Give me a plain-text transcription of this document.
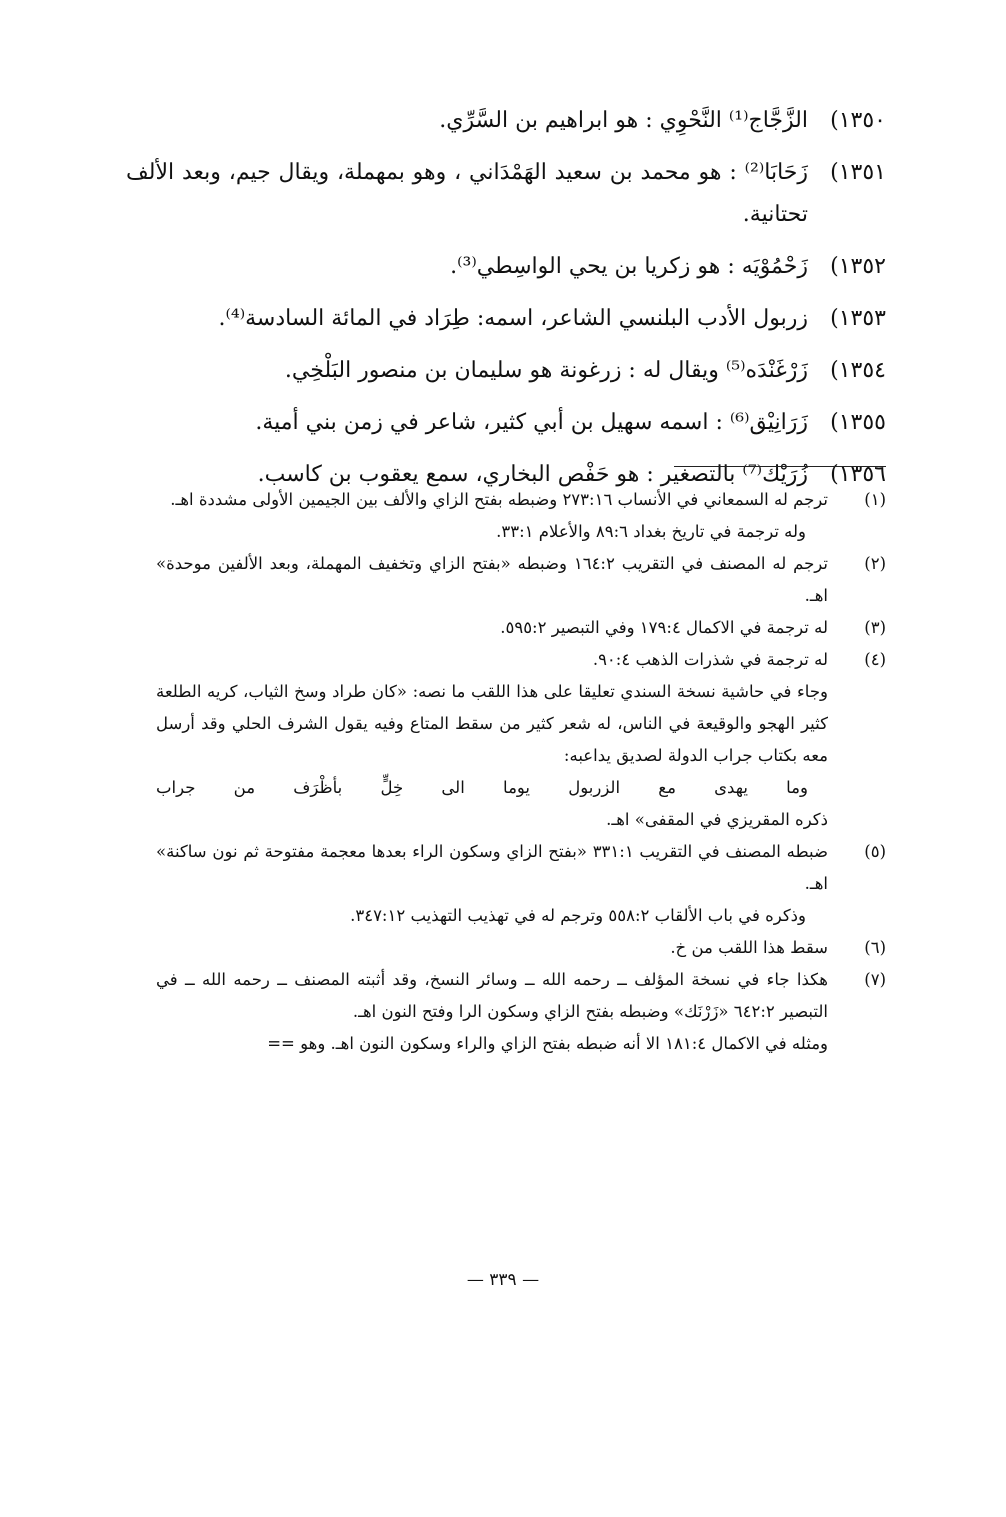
١٣٥٠)
الزَّجَّاج⁽¹⁾ النَّحْوِي : هو ابراهيم بن السَّرِّي.
١٣٥١)
زَحَابَا⁽²⁾ : هو محمد بن سعيد الهَمْدَاني ، وهو بمهملة، ويقال جيم، وبعد الألف تحتانية.
١٣٥٢)
زَحْمُوْيَه : هو زكريا بن يحي الواسِطي⁽³⁾.
١٣٥٣)
زربول الأدب البلنسي الشاعر، اسمه: طِرَاد في المائة السادسة⁽⁴⁾.
١٣٥٤)
زَرْغَنْدَه⁽⁵⁾ ويقال له : زرغونة هو سليمان بن منصور البَلْخِي.
١٣٥٥)
زَرَانِيْق⁽⁶⁾ : اسمه سهيل بن أبي كثير، شاعر في زمن بني أمية.
١٣٥٦)
زُرَيْك⁽⁷⁾ بالتصغير : هو حَفْص البخاري، سمع يعقوب بن كاسب.
(١)
ترجم له السمعاني في الأنساب ٢٧٣:١٦ وضبطه بفتح الزاي والألف بين الجيمين الأولى مشددة اهـ.
وله ترجمة في تاريخ بغداد ٨٩:٦ والأعلام ٣٣:١.
(٢)
ترجم له المصنف في التقريب ١٦٤:٢ وضبطه «بفتح الزاي وتخفيف المهملة، وبعد الألفين موحدة» اهـ.
(٣)
له ترجمة في الاكمال ١٧٩:٤ وفي التبصير ٥٩٥:٢.
(٤)
له ترجمة في شذرات الذهب ٩٠:٤.
وجاء في حاشية نسخة السندي تعليقا على هذا اللقب ما نصه: «كان طراد وسخ الثياب، كريه الطلعة كثير الهجو والوقيعة في الناس، له شعر كثير من سقط المتاع وفيه يقول الشرف الحلي وقد أرسل معه بكتاب جراب الدولة لصديق يداعبه:
وما يهدى مع الزربول يوما الى خِلٍّ بأظْرَف من جراب
ذكره المقريزي في المقفى» اهـ.
(٥)
ضبطه المصنف في التقريب ٣٣١:١ «بفتح الزاي وسكون الراء بعدها معجمة مفتوحة ثم نون ساكنة» اهـ.
وذكره في باب الألقاب ٥٥٨:٢ وترجم له في تهذيب التهذيب ٣٤٧:١٢.
(٦)
سقط هذا اللقب من خ.
(٧)
هكذا جاء في نسخة المؤلف ــ رحمه الله ــ وسائر النسخ، وقد أثبته المصنف ــ رحمه الله ــ في التبصير ٦٤٢:٢ «زَرْنَك» وضبطه بفتح الزاي وسكون الرا وفتح النون اهـ.
ومثله في الاكمال ١٨١:٤ الا أنه ضبطه بفتح الزاي والراء وسكون النون اهـ. وهو ==
— ٣٣٩ —
